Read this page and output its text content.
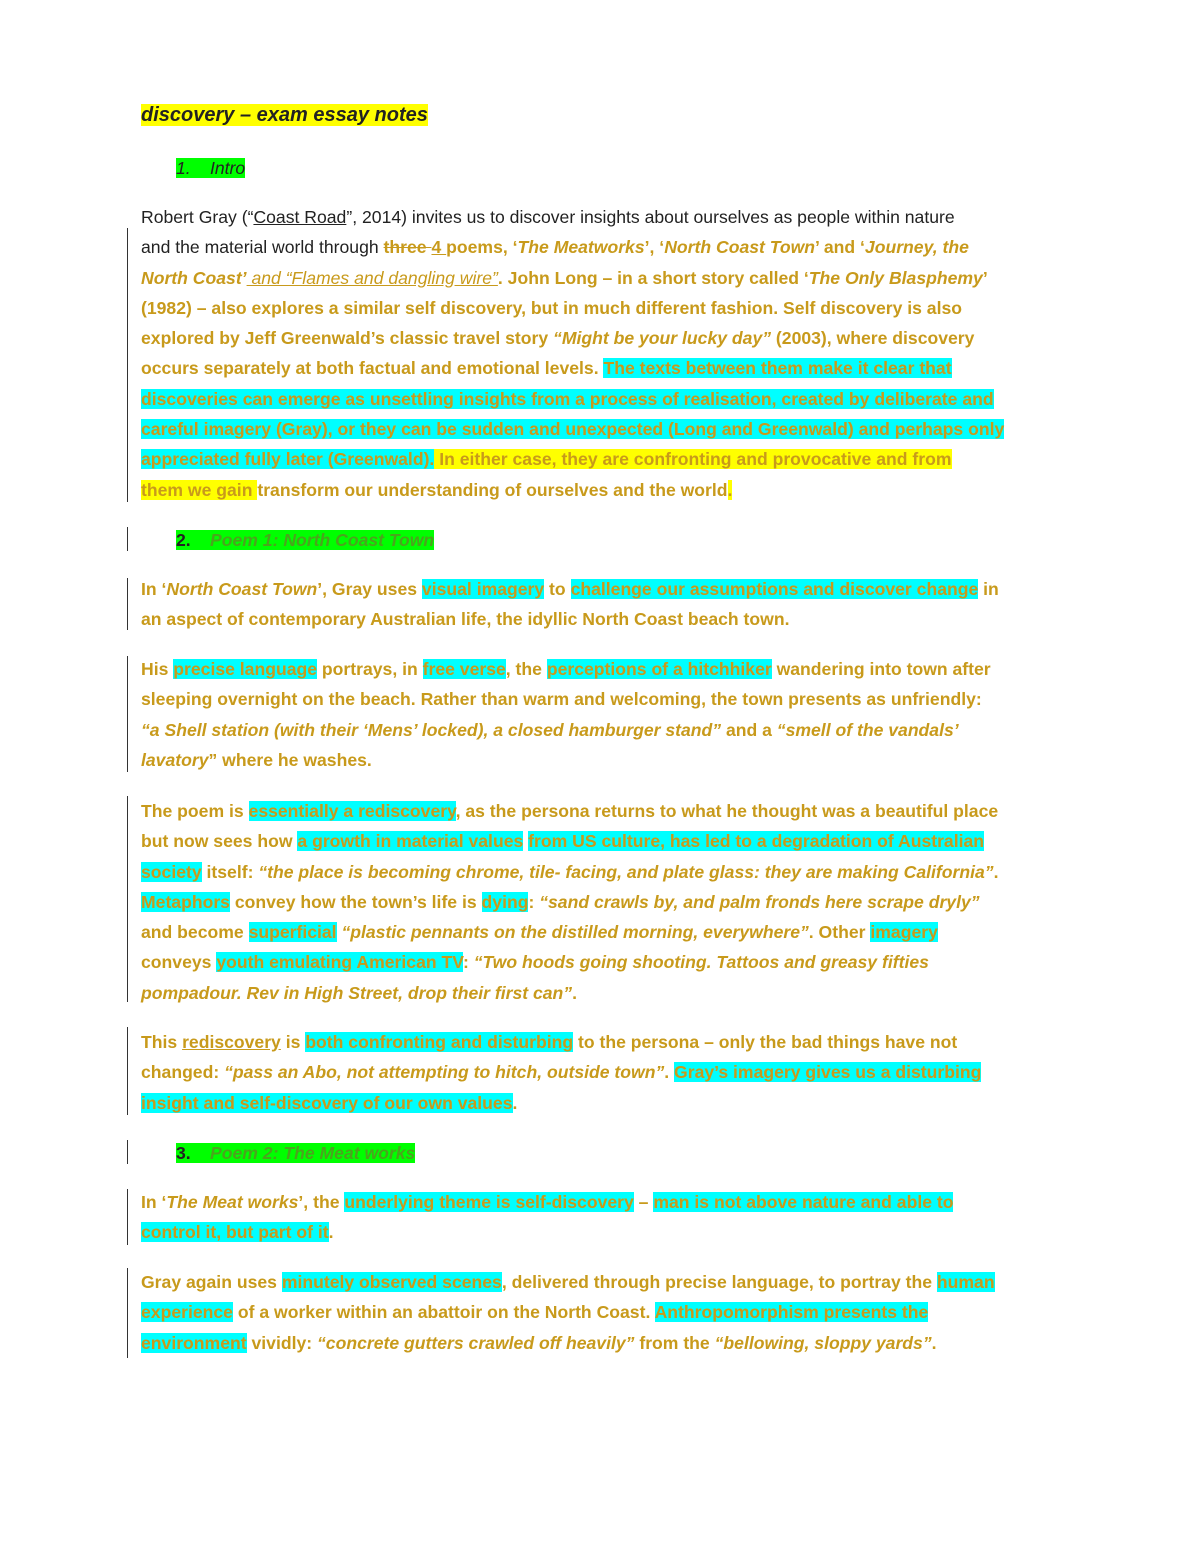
discovery – exam essay notes
1. Intro
Robert Gray (“Coast Road”, 2014) invites us to discover insights about ourselves as people within nature
and the material world through three 4 poems, ‘The Meatworks’, ‘North Coast Town’ and ‘Journey, the
North Coast’ and “Flames and dangling wire”. John Long – in a short story called ‘The Only Blasphemy’
(1982) – also explores a similar self discovery, but in much different fashion. Self discovery is also
explored by Jeff Greenwald’s classic travel story “Might be your lucky day” (2003), where discovery
occurs separately at both factual and emotional levels. The texts between them make it clear that
discoveries can emerge as unsettling insights from a process of realisation, created by deliberate and
careful imagery (Gray), or they can be sudden and unexpected (Long and Greenwald) and perhaps only
appreciated fully later (Greenwald). In either case, they are confronting and provocative and from
them we gain transform our understanding of ourselves and the world.
2. Poem 1: North Coast Town
In ‘North Coast Town’, Gray uses visual imagery to challenge our assumptions and discover change in
an aspect of contemporary Australian life, the idyllic North Coast beach town.
His precise language portrays, in free verse, the perceptions of a hitchhiker wandering into town after
sleeping overnight on the beach. Rather than warm and welcoming, the town presents as unfriendly:
“a Shell station (with their ‘Mens’ locked), a closed hamburger stand” and a “smell of the vandals’
lavatory” where he washes.
The poem is essentially a rediscovery, as the persona returns to what he thought was a beautiful place
but now sees how a growth in material values from US culture, has led to a degradation of Australian
society itself: “the place is becoming chrome, tile- facing, and plate glass: they are making California”.
Metaphors convey how the town’s life is dying: “sand crawls by, and palm fronds here scrape dryly”
and become superficial “plastic pennants on the distilled morning, everywhere”. Other imagery
conveys youth emulating American TV: “Two hoods going shooting. Tattoos and greasy fifties
pompadour. Rev in High Street, drop their first can”.
This rediscovery is both confronting and disturbing to the persona – only the bad things have not
changed: “pass an Abo, not attempting to hitch, outside town”. Gray’s imagery gives us a disturbing
insight and self-discovery of our own values.
3. Poem 2: The Meat works
In ‘The Meat works’, the underlying theme is self-discovery – man is not above nature and able to
control it, but part of it.
Gray again uses minutely observed scenes, delivered through precise language, to portray the human
experience of a worker within an abattoir on the North Coast. Anthropomorphism presents the
environment vividly: “concrete gutters crawled off heavily” from the “bellowing, sloppy yards”.
